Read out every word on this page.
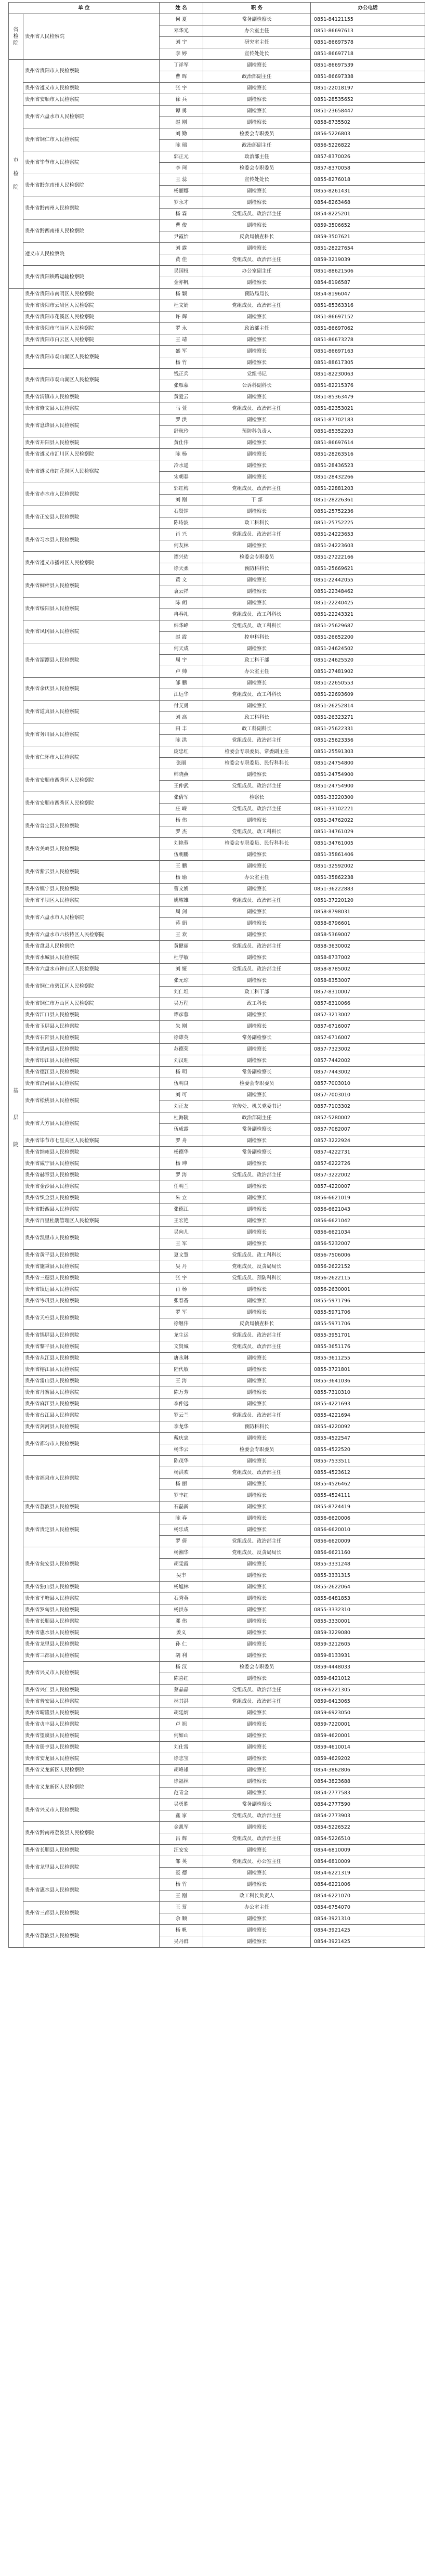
单 位		姓 名	职 务	办公电话
省
检
院	贵州省人民检察院	何 夏	常务副检察长	0851-84121155
		邓华光	办公室主任	0851-86697613
		刘 宇	研究室主任	0851-86697578
		李 婷	宣传处处长	0851-86697718
市

检

院	贵州省贵阳市人民检察院	丁祥军	副检察长	0851-86697539
		曹 晖	政治部副主任	0851-86697338
	贵州省遵义市人民检察院	张 宇	副检察长	0851-22018197
	贵州省安顺市人民检察院	徐 兵	副检察长	0851-28535652
	贵州省六盘水市人民检察院	谭 勇	副检察长	0851-23658447
		赵 刚	副检察长	0858-8735502
	贵州省铜仁市人民检察院	刘 勤	检委会专职委员	0856-5226803
		陈 瑞	政治部副主任	0856-5226822
	贵州省毕节市人民检察院	郭正元	政治部主任	0857-8370026
		李 珂	检委会专职委员	0857-8370058
	贵州省黔东南州人民检察院	王 蕊	宣传处处长	0855-8276018
		杨丽娜	副检察长	0855-8261431
	贵州省黔南州人民检察院	罗永才	副检察长	0854-8263468
		杨 霖	党组成员、政治部主任	0854-8225201
	贵州省黔西南州人民检察院	曹 俊	副检察长	0859-3506652
		尹霞怡	反贪局侦查科长	0859-3507621
	遵义市人民检察院	刘 露	副检察长	0851-28227654
		黄 佳	党组成员、政治部主任	0859-3219039
	贵州省贵阳铁路运输检察院	吴国权	办公室副主任	0851-88621506
		金亦帆	副检察长	0854-8196587
基

层

院	贵州省贵阳市南明区人民检察院	杨 颖	预防局局长	0854-8196047
	贵州省贵阳市云岩区人民检察院	杜文娟	党组成员、政治部主任	0851-85363316
	贵州省贵阳市花溪区人民检察院	许 辉	副检察长	0851-86697152
	贵州省贵阳市乌当区人民检察院	罗 永	政治部主任	0851-86697062
	贵州省贵阳市白云区人民检察院	王 靖	副检察长	0851-86673278
	贵州省贵阳市观山湖区人民检察院	盛 军	副检察长	0851-86697163
		杨 竹	副检察长	0851-88617305
	贵州省贵阳市观山湖区人民检察院	钱正兵	党组书记	0851-82230063
		张雁蒙	公诉科副科长	0851-82215376
	贵州省清镇市人民检察院	黄爱云	副检察长	0851-85363479
	贵州省修文县人民检察院	马 萱	党组成员、政治部主任	0851-82353021
	贵州省息烽县人民检察院	罗 洪	副检察长	0851-87702183
		舒秋玲	预防科负责人	0851-85352203
	贵州省开阳县人民检察院	黄仕伟	副检察长	0851-86697614
	贵州省遵义市汇川区人民检察院	陈 杨	副检察长	0851-28263516
	贵州省遵义市红花岗区人民检察院	冷水遥	副检察长	0851-28436523
		宋朝春	副检察长	0851-28432266
	贵州省赤水市人民检察院	郭红梅	党组成员、政治部主任	0851-22881203
		刘 刚	干 部	0851-28226361
	贵州省正安县人民检察院	石贤钟	副检察长	0851-25752236
		陈诗波	政工科科长	0851-25752225
	贵州省习水县人民检察院	肖 兴	党组成员、政治部主任	0851-24223653
		何友林	副检察长	0851-24223603
	贵州省遵义市播州区人民检察院	谭兴佑	检委会专职委员	0851-27222166
		徐天柔	预防科科长	0851-25669621
	贵州省桐梓县人民检察院	黄 文	副检察长	0851-22442055
		袁云祥	副检察长	0851-22348462
	贵州省绥阳县人民检察院	陈 朗	副检察长	0851-22240425
		冉春礼	党组成员、政工科科长	0851-22243321
	贵州省凤冈县人民检察院	韩华峰	党组成员、政工科科长	0851-25629687
		赵 霞	控申科科长	0851-26652200
	贵州省湄潭县人民检察院	何天成	副检察长	0851-24624502
		周 宇	政工科干部	0851-24625520
		卢 帅	办公室主任	0851-27481902
	贵州省余庆县人民检察院	邹 鹏	副检察长	0851-22650553
		江远华	党组成员、政工科科长	0851-22693609
	贵州省道真县人民检察院	付艾勇	副检察长	0851-26252814
		刘 高	政工科科长	0851-26323271
	贵州省务川县人民检察院	田 丰	政工科副科长	0851-25622331
		陈 洪	党组成员、政治部主任	0851-25623356
	贵州省仁怀市人民检察院	庞忠红	检委会专职委员、常委副主任	0851-25591303
		张丽	检委会专职委员、民行科科长	0851-24754800
	贵州省安顺市西秀区人民检察院	韩晓燕	副检察长	0851-24754900
		王仲武	党组成员、政治部主任	0851-24754900
	贵州省安顺市西秀区人民检察院	张倩军	检察长	0851-33220300
		庄 嵘	党组成员、政治部主任	0851-33102221
	贵州省普定县人民检察院	杨 伟	副检察长	0851-34762022
		罗 杰	党组成员、政工科科长	0851-34761029
	贵州省关岭县人民检察院	刘艳蓉	检委会专职委员、民行科科长	0851-34761005
		伍朝鹏	副检察长	0851-35861406
	贵州省紫云县人民检察院	王 鹏	副检察长	0851-32592002
		杨 瑜	办公室主任	0851-35862238
	贵州省镇宁县人民检察院	曹文娟	副检察长	0851-36222883
	贵州省平坝区人民检察院	姚耀雄	党组成员、政治部主任	0851-37220120
	贵州省六盘水市人民检察院	周 剑	副检察长	0858-8798031
		蒋 娟	副检察长	0858-8796601
	贵州省六盘水市六枝特区人民检察院	王 欢	副检察长	0858-5369007
	贵州省盘县人民检察院	黄健丽	党组成员、政治部主任	0858-3630002
	贵州省水城县人民检察院	杜学敏	副检察长	0858-8737002
	贵州省六盘水市钟山区人民检察院	刘 娅	党组成员、政治部主任	0858-8785002
	贵州省铜仁市碧江区人民检察院	张元琼	副检察长	0858-8353007
		刘仁坦	政工科干部	0857-8310007
	贵州省铜仁市万山区人民检察院	吴万程	政工科长	0857-8310066
	贵州省江口县人民检察院	谭彦蓉	副检察长	0857-3213002
	贵州省玉屏县人民检察院	朱 刚	副检察长	0857-6716007
	贵州省石阡县人民检察院	徐雄英	常务副检察长	0857-6716007
	贵州省思南县人民检察院	苏德荣	副检察长	0857-7323002
	贵州省印江县人民检察院	刘汉旺	副检察长	0857-7442002
	贵州省德江县人民检察院	杨 明	常务副检察长	0857-7443002
	贵州省沿河县人民检察院	伍明良	检委会专职委员	0857-7003010
	贵州省松桃县人民检察院	刘 可	副检察长	0857-7003010
		刘正友	宣传处、机关党委书记	0857-7103302
	贵州省大方县人民检察院	杜海陵	政治部副主任	0857-5280002
		伍成露	常务副检察长	0857-7082007
	贵州省毕节市七星关区人民检察院	罗 舟	副检察长	0857-3222924
	贵州省纳雍县人民检察院	杨德华	常务副检察长	0857-4222731
	贵州省威宁县人民检察院	杨 坤	副检察长	0857-6222726
	贵州省赫章县人民检察院	罗 涛	党组成员、政治部主任	0857-3222002
	贵州省金沙县人民检察院	任明兰	副检察长	0857-4220007
	贵州省织金县人民检察院	朱 立	副检察长	0856-6621019
	贵州省黔西县人民检察院	张德江	副检察长	0856-6621043
	贵州省百里杜鹃管理区人民检察院	王宏艳	副检察长	0856-6621042
	贵州省凯里市人民检察院	吴向儿	副检察长	0856-6621034
		王 军	副检察长	0856-5232007
	贵州省黄平县人民检察院	夏文慧	党组成员、政工科科长	0856-7506006
	贵州省施秉县人民检察院	吴 丹	党组成员、反贪局局长	0856-2622152
	贵州省三穗县人民检察院	张 宇	党组成员、预防科科长	0856-2622115
	贵州省镇远县人民检察院	肖 杨	副检察长	0856-2630001
	贵州省岑巩县人民检察院	张春香	副检察长	0855-5971796
	贵州省天柱县人民检察院	罗 军	副检察长	0855-5971706
		徐继伟	反贪局侦查科长	0855-5971706
	贵州省锦屏县人民检察院	龙生运	党组成员、政治部主任	0855-3951701
	贵州省黎平县人民检察院	文贤城	党组成员、政治部主任	0855-3651176
	贵州省从江县人民检察院	唐永琳	副检察长	0855-3611255
	贵州省榕江县人民检察院	陆代敏	副检察长	0855-3721801
	贵州省雷山县人民检察院	王 涛	副检察长	0855-3641036
	贵州省丹寨县人民检察院	陈万芳	副检察长	0855-7310310
	贵州省麻江县人民检察院	李仲远	副检察长	0855-4221693
	贵州省台江县人民检察院	罗云兰	党组成员、政治部主任	0855-4221694
	贵州省剑河县人民检察院	李龙华	预防科科长	0855-4220092
	贵州省都匀市人民检察院	戴庆忠	副检察长	0855-4522547
		杨华云	检委会专职委员	0855-4522520
	贵州省福泉市人民检察院	陈茂华	副检察长	0855-7533511
		杨洪欢	党组成员、政治部主任	0855-4523612
		杨 丽	副检察长	0855-4526462
		罗丰红	副检察长	0855-4524111
	贵州省荔波县人民检察院	石磊新	副检察长	0855-8724419
	贵州省贵定县人民检察院	陈 春	副检察长	0856-6620006
		杨乐成	副检察长	0856-6620010
		罗 倩	党组成员、政治部主任	0856-6620009
	贵州省瓮安县人民检察院	杨湘华	党组成员、反贪局局长	0856-6621160
		胡雯霞	副检察长	0855-3331248
		吴丰	副检察长	0855-3331315
	贵州省独山县人民检察院	杨旭林	副检察长	0855-2622064
	贵州省平塘县人民检察院	石秀英	副检察长	0855-6481853
	贵州省罗甸县人民检察院	杨洪东	副检察长	0855-3332310
	贵州省长顺县人民检察院	邓 伟	副检察长	0855-3330001
	贵州省惠水县人民检察院	姜义	副检察长	0859-3229080
	贵州省龙里县人民检察院	孙 仁	副检察长	0859-3212605
	贵州省三都县人民检察院	胡 利	副检察长	0859-8133931
	贵州省兴义市人民检察院	杨 汉	检委会专职委员	0859-4448033
		陈喜红	副检察长	0859-6421012
	贵州省兴仁县人民检察院	蔡晶晶	党组成员、政治部主任	0859-6221305
	贵州省普安县人民检察院	林其洪	党组成员、政治部主任	0859-6413065
	贵州省晴隆县人民检察院	胡廷炳	副检察长	0859-6923050
	贵州省贞丰县人民检察院	卢 旭	副检察长	0859-7220001
	贵州省望谟县人民检察院	何如山	副检察长	0859-4620001
	贵州省册亨县人民检察院	刘仕雷	副检察长	0859-4610014
	贵州省安龙县人民检察院	徐志宝	副检察长	0859-4629202
	贵州省义龙新区人民检察院	胡峰雄	副检察长	0854-3862806
	贵州省义龙新区人民检察院	徐福林	副检察长	0854-3823688
		范青金	副检察长	0854-2777583
	贵州省兴义市人民检察院	吴勇胜	常务副检察长	0854-2777590
		鑫 家	党组成员、政治部主任	0854-2773903
	贵州省黔南州荔波县人民检察院	金凯军	副检察长	0854-5226522
		吕 辉	党组成员、政治部主任	0854-5226510
	贵州省长顺县人民检察院	汪安安	副检察长	0854-6810009
	贵州省龙里县人民检察院	邹 英	党组成员、办公室主任	0854-6810009
		聂 德	副检察长	0854-6221319
	贵州省惠水县人民检察院	杨 竹	副检察长	0854-6221006
		王 刚	政工科长负责人	0854-6221070
	贵州省三都县人民检察院	王 莺	办公室主任	0854-6754070
		余 顺	副检察长	0854-3921310
	贵州省荔波县人民检察院	杨 帆	副检察长	0854-3921425
		吴丹群	副检察长	0854-3921425
